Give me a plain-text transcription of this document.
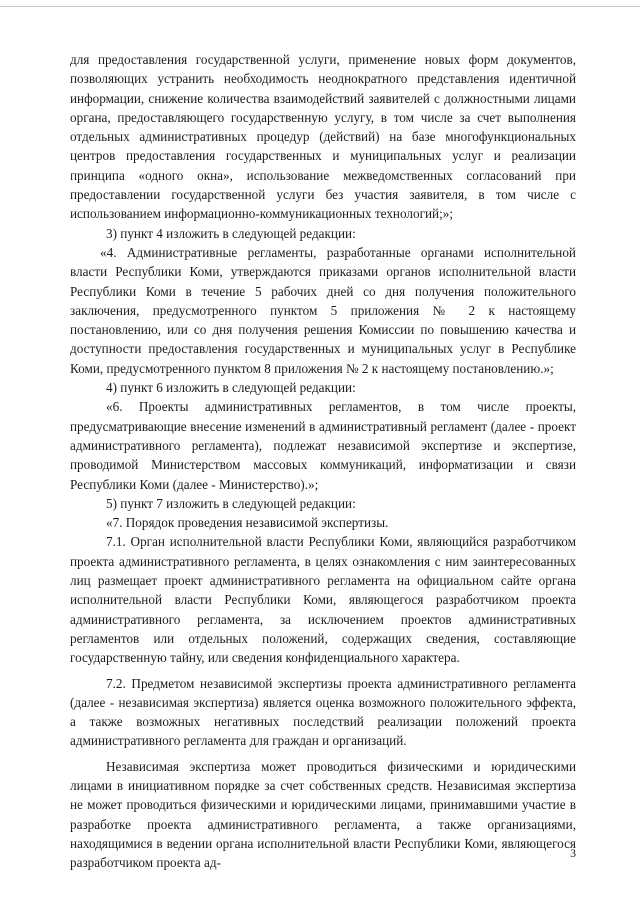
для предоставления государственной услуги, применение новых форм документов, позволяющих устранить необходимость неоднократного представления идентичной информации, снижение количества взаимодействий заявителей с должностными лицами органа, предоставляющего государственную услугу, в том числе за счет выполнения отдельных административных процедур (действий) на базе многофункциональных центров предоставления государственных и муниципальных услуг и реализации принципа «одного окна», использование межведомственных согласований при предоставлении государственной услуги без участия заявителя, в том числе с использованием информационно-коммуникационных технологий;»;

3) пункт 4 изложить в следующей редакции:

«4. Административные регламенты, разработанные органами исполнительной власти Республики Коми, утверждаются приказами органов исполнительной власти Республики Коми в течение 5 рабочих дней со дня получения положительного заключения, предусмотренного пунктом 5 приложения № 2 к настоящему постановлению, или со дня получения решения Комиссии по повышению качества и доступности предоставления государственных и муниципальных услуг в Республике Коми, предусмотренного пунктом 8 приложения № 2 к настоящему постановлению.»;

4) пункт 6 изложить в следующей редакции:

«6. Проекты административных регламентов, в том числе проекты, предусматривающие внесение изменений в административный регламент (далее - проект административного регламента), подлежат независимой экспертизе и экспертизе, проводимой Министерством массовых коммуникаций, информатизации и связи Республики Коми (далее - Министерство).»;

5) пункт 7 изложить в следующей редакции:

«7. Порядок проведения независимой экспертизы.

7.1. Орган исполнительной власти Республики Коми, являющийся разработчиком проекта административного регламента, в целях ознакомления с ним заинтересованных лиц размещает проект административного регламента на официальном сайте органа исполнительной власти Республики Коми, являющегося разработчиком проекта административного регламента, за исключением проектов административных регламентов или отдельных положений, содержащих сведения, составляющие государственную тайну, или сведения конфиденциального характера.

7.2. Предметом независимой экспертизы проекта административного регламента (далее - независимая экспертиза) является оценка возможного положительного эффекта, а также возможных негативных последствий реализации положений проекта административного регламента для граждан и организаций.

Независимая экспертиза может проводиться физическими и юридическими лицами в инициативном порядке за счет собственных средств. Независимая экспертиза не может проводиться физическими и юридическими лицами, принимавшими участие в разработке проекта административного регламента, а также организациями, находящимися в ведении органа исполнительной власти Республики Коми, являющегося разработчиком проекта ад-

3
